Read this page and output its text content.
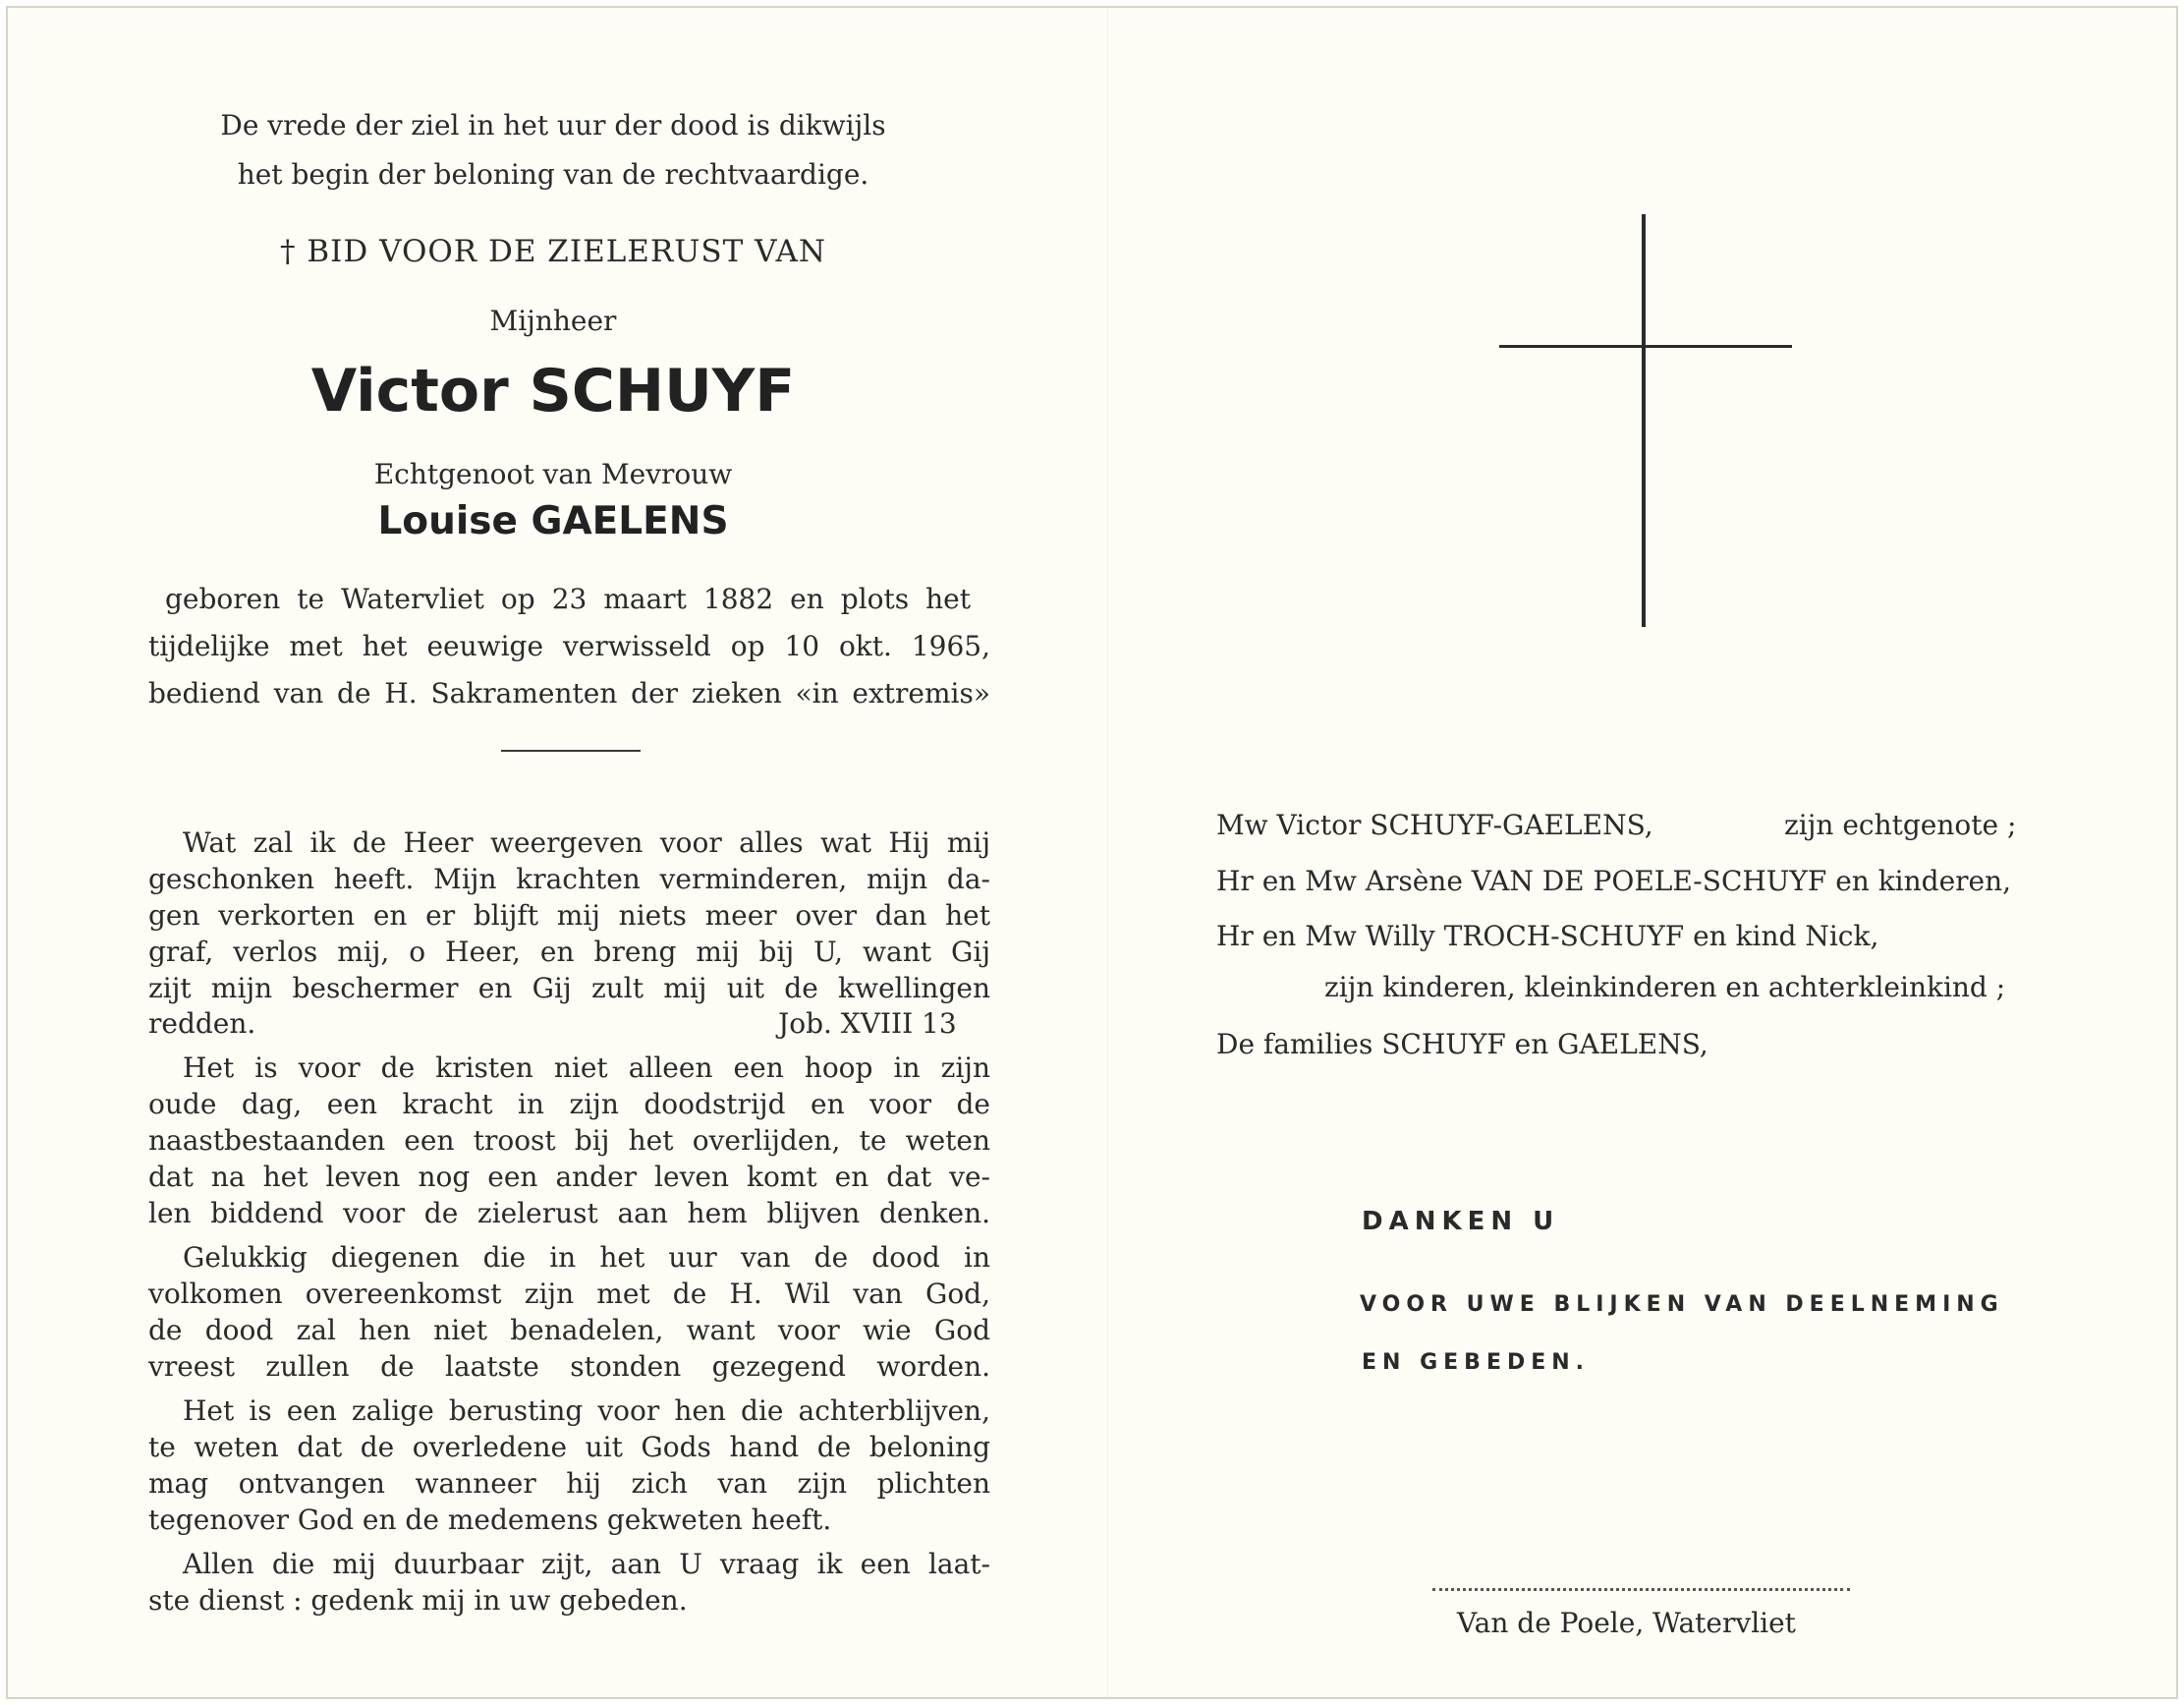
De vrede der ziel in het uur der dood is dikwijls
het begin der beloning van de rechtvaardige.
† BID VOOR DE ZIELERUST VAN
Mijnheer
Victor SCHUYF
Echtgenoot van Mevrouw
Louise GAELENS
geboren te Watervliet op 23 maart 1882 en plots het
tijdelijke met het eeuwige verwisseld op 10 okt. 1965,
bediend van de H. Sakramenten der zieken «in extremis»
Wat zal ik de Heer weergeven voor alles wat Hij mij
geschonken heeft. Mijn krachten verminderen, mijn da-
gen verkorten en er blijft mij niets meer over dan het
graf, verlos mij, o Heer, en breng mij bij U, want Gij
zijt mijn beschermer en Gij zult mij uit de kwellingen
redden.	Job. XVIII 13
Het is voor de kristen niet alleen een hoop in zijn
oude dag, een kracht in zijn doodstrijd en voor de
naastbestaanden een troost bij het overlijden, te weten
dat na het leven nog een ander leven komt en dat ve-
len biddend voor de zielerust aan hem blijven denken.
Gelukkig diegenen die in het uur van de dood in
volkomen overeenkomst zijn met de H. Wil van God,
de dood zal hen niet benadelen, want voor wie God
vreest zullen de laatste stonden gezegend worden.
Het is een zalige berusting voor hen die achterblijven,
te weten dat de overledene uit Gods hand de beloning
mag ontvangen wanneer hij zich van zijn plichten
tegenover God en de medemens gekweten heeft.
Allen die mij duurbaar zijt, aan U vraag ik een laat-
ste dienst : gedenk mij in uw gebeden.
Mw Victor SCHUYF-GAELENS,	zijn echtgenote ;
Hr en Mw Arsène VAN DE POELE-SCHUYF en kinderen,
Hr en Mw Willy TROCH-SCHUYF en kind Nick,
zijn kinderen, kleinkinderen en achterkleinkind ;
De families SCHUYF en GAELENS,
DANKEN U
VOOR UWE BLIJKEN VAN DEELNEMING
EN GEBEDEN.
Van de Poele, Watervliet
